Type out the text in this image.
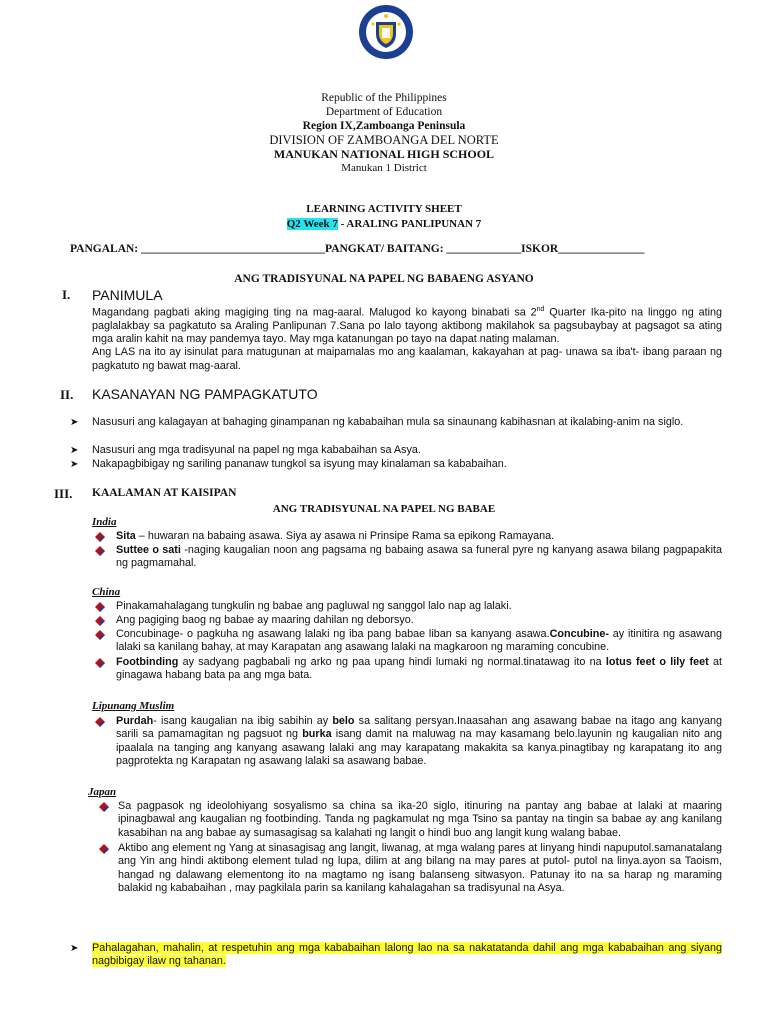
Republic of the Philippines
Department of Education
Region IX,Zamboanga Peninsula
DIVISION OF ZAMBOANGA DEL NORTE
MANUKAN NATIONAL HIGH SCHOOL
Manukan 1 District
LEARNING ACTIVITY SHEET
Q2 Week 7 - ARALING PANLIPUNAN 7
PANGALAN: ________________________________PANGKAT/ BAITANG: _____________ISKOR_______________
ANG TRADISYUNAL NA PAPEL NG BABAENG ASYANO
I. PANIMULA
Magandang pagbati aking magiging ting na mag-aaral. Malugod ko kayong binabati sa 2nd Quarter Ika-pito na linggo ng ating paglalakbay sa pagkatuto sa Araling Panlipunan 7.Sana po lalo tayong aktibong makilahok sa pagsubaybay at pagsagot sa ating mga aralin kahit na may pandemya tayo. May mga katanungan po tayo na dapat nating malaman.
Ang LAS na ito ay isinulat para matugunan at maipamalas mo ang kaalaman, kakayahan at pag- unawa sa iba't- ibang paraan ng pagkatuto ng bawat mag-aaral.
II. KASANAYAN NG PAMPAGKATUTO
➤ Nasusuri ang kalagayan at bahaging ginampanan ng kababaihan mula sa sinaunang kabihasnan at ikalabing-anim na siglo.
➤ Nasusuri ang mga tradisyunal na papel ng mga kababaihan sa Asya.
➤ Nakapagbibigay ng sariling pananaw tungkol sa isyung may kinalaman sa kababaihan.
III. KAALAMAN AT KAISIPAN
ANG TRADISYUNAL NA PAPEL NG BABAE
India
Sita – huwaran na babaing asawa. Siya ay asawa ni Prinsipe Rama sa epikong Ramayana.
Suttee o sati -naging kaugalian noon ang pagsama ng babaing asawa sa funeral pyre ng kanyang asawa bilang pagpapakita ng pagmamahal.
China
Pinakamahalagang tungkulin ng babae ang pagluwal ng sanggol lalo nap ag lalaki.
Ang pagiging baog ng babae ay maaring dahilan ng deborsyo.
Concubinage- o pagkuha ng asawang lalaki ng iba pang babae liban sa kanyang asawa.Concubine- ay itinitira ng asawang lalaki sa kanilang bahay, at may Karapatan ang asawang lalaki na magkaroon ng maraming concubine.
Footbinding ay sadyang pagbabali ng arko ng paa upang hindi lumaki ng normal.tinatawag ito na lotus feet o lily feet at ginagawa habang bata pa ang mga bata.
Lipunang Muslim
Purdah- isang kaugalian na ibig sabihin ay belo sa salitang persyan.Inaasahan ang asawang babae na itago ang kanyang sarili sa pamamagitan ng pagsuot ng burka isang damit na maluwag na may kasamang belo.layunin ng kaugalian nito ang ipaalala na tanging ang kanyang asawang lalaki ang may karapatang makakita sa kanya.pinagtibay ng karapatang ito ang pagprotekta ng Karapatan ng asawang lalaki sa asawang babae.
Japan
Sa pagpasok ng ideolohiyang sosyalismo sa china sa ika-20 siglo, itinuring na pantay ang babae at lalaki at maaring ipinagbawal ang kaugalian ng footbinding. Tanda ng pagkamulat ng mga Tsino sa pantay na tingin sa babae ay ang kanilang kasabihan na ang babae ay sumasagisag sa kalahati ng langit o hindi buo ang langit kung walang babae.
Aktibo ang element ng Yang at sinasagisag ang langit, liwanag, at mga walang pares at linyang hindi napuputol.samanatalang ang Yin ang hindi aktibong element tulad ng lupa, dilim at ang bilang na may pares at putol- putol na linya.ayon sa Taoism, hangad ng dalawang elementong ito na magtamo ng isang balanseng sitwasyon. Patunay ito na sa harap ng maraming balakid ng kababaihan , may pagkilala parin sa kanilang kahalagahan sa tradisyunal na Asya.
➤ Pahalagahan, mahalin, at respetuhin ang mga kababaihan lalong lao na sa nakatatanda dahil ang mga kababaihan ang siyang nagbibigay ilaw ng tahanan.
